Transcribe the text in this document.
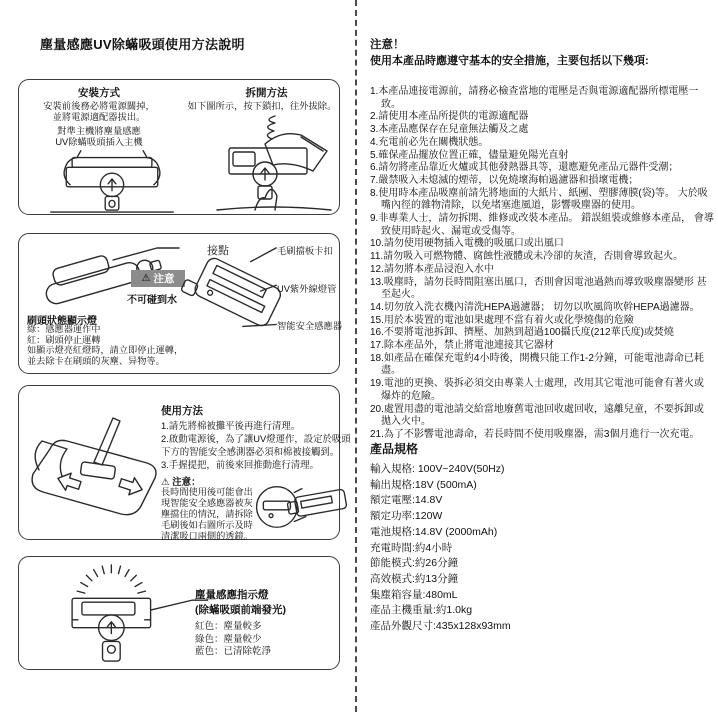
塵量感應UV除蟎吸頭使用方法說明
安裝方式
安裝前後務必將電源關掉，
並將電源適配器拔出。
對準主機將塵量感應
UV除蟎吸頭插入主機
拆開方法
如下圖所示，按下鎖扣，往外拔除。
接點
⚠ 注意
不可碰到水
刷頭狀態顯示燈
綠：感應器運作中
紅：刷頭停止運轉
如顯示燈亮紅燈時，請立即停止運轉，
並去除卡在刷頭的灰塵、异物等。
毛刷擋板卡扣
UV紫外線燈管
智能安全感應器
使用方法
1.請先將棉被攤平後再進行清理。
2.啟動電源後，為了讓UV燈運作，設定於吸頭
下方的智能安全感測器必須和棉被接觸到。
3.手握提把，前後來回推動進行清理。
⚠ 注意：
長時間使用後可能會出
現智能安全感應器被灰
塵擋住的情況，請拆除
毛刷後如右圖所示及時
清潔吸口兩側的透鏡。
塵量感應指示燈
(除蟎吸頭前端發光)
紅色：塵量較多
綠色：塵量較少
藍色：已清除乾淨
注意！
使用本產品時應遵守基本的安全措施，主要包括以下幾項:
1.本產品連接電源前，請務必檢查當地的電壓是否與電源適配器所標電壓一致。
2.請使用本產品所提供的電源適配器
3.本產品應保存在兒童無法觸及之處
4.充電前必先在關機狀態。
5.確保產品擺放位置正確，儘量避免陽光直射
6.請勿將產品靠近火爐或其他發熱器具等，還應避免產品元器件受潮；
7.嚴禁吸入未熄滅的煙蒂，以免燒壞海帕過濾器和損壞電機；
8.使用時本產品吸塵前請先將地面的大紙片、紙團、塑膠薄膜(袋)等。 大於吸嘴內徑的雜物清除，以免堵塞進風道，影響吸塵器的使用。
9.非專業人士，請勿拆開、維修或改裝本產品。 錯誤組裝或維修本產品， 會導致使用時起火、漏電或受傷等。
10.請勿使用硬物插入電機的吸風口或出風口
11.請勿吸入可燃物體、腐蝕性液體或未冷卻的灰渣，否則會導致起火。
12.請勿將本產品浸泡入水中
13.吸塵時，請勿長時間阻塞出風口，否則會因電池過熱而導致吸塵器變形 甚至起火。
14.切勿放入洗衣機內清洗HEPA過濾器； 切勿以吹風筒吹幹HEPA過濾器。
15.用於本裝置的電池如果處理不當有着火或化學燒傷的危險
16.不要將電池拆卸、擠壓、加熱到超過100攝氏度(212華氏度)或焚燒
17.除本產品外，禁止將電池連接其它器材
18.如產品在確保充電約4小時後，開機只能工作1-2分鐘，可能電池壽命已耗盡。
19.電池的更換、裝拆必須交由專業人士處理，改用其它電池可能會有著火或 爆炸的危險。
20.處置用盡的電池請交給當地廢舊電池回收處回收，遠離兒童，不要拆卸或 拋入火中。
21.為了不影響電池壽命，若長時間不使用吸塵器，需3個月進行一次充電。
產品規格
輸入規格: 100V~240V(50Hz)
輸出規格:18V (500mA)
額定電壓:14.8V
額定功率:120W
電池規格:14.8V (2000mAh)
充電時間:約4小時
節能模式:約26分鐘
高效模式:約13分鐘
集塵箱容量:480mL
產品主機重量:約1.0kg
產品外觀尺寸:435x128x93mm
